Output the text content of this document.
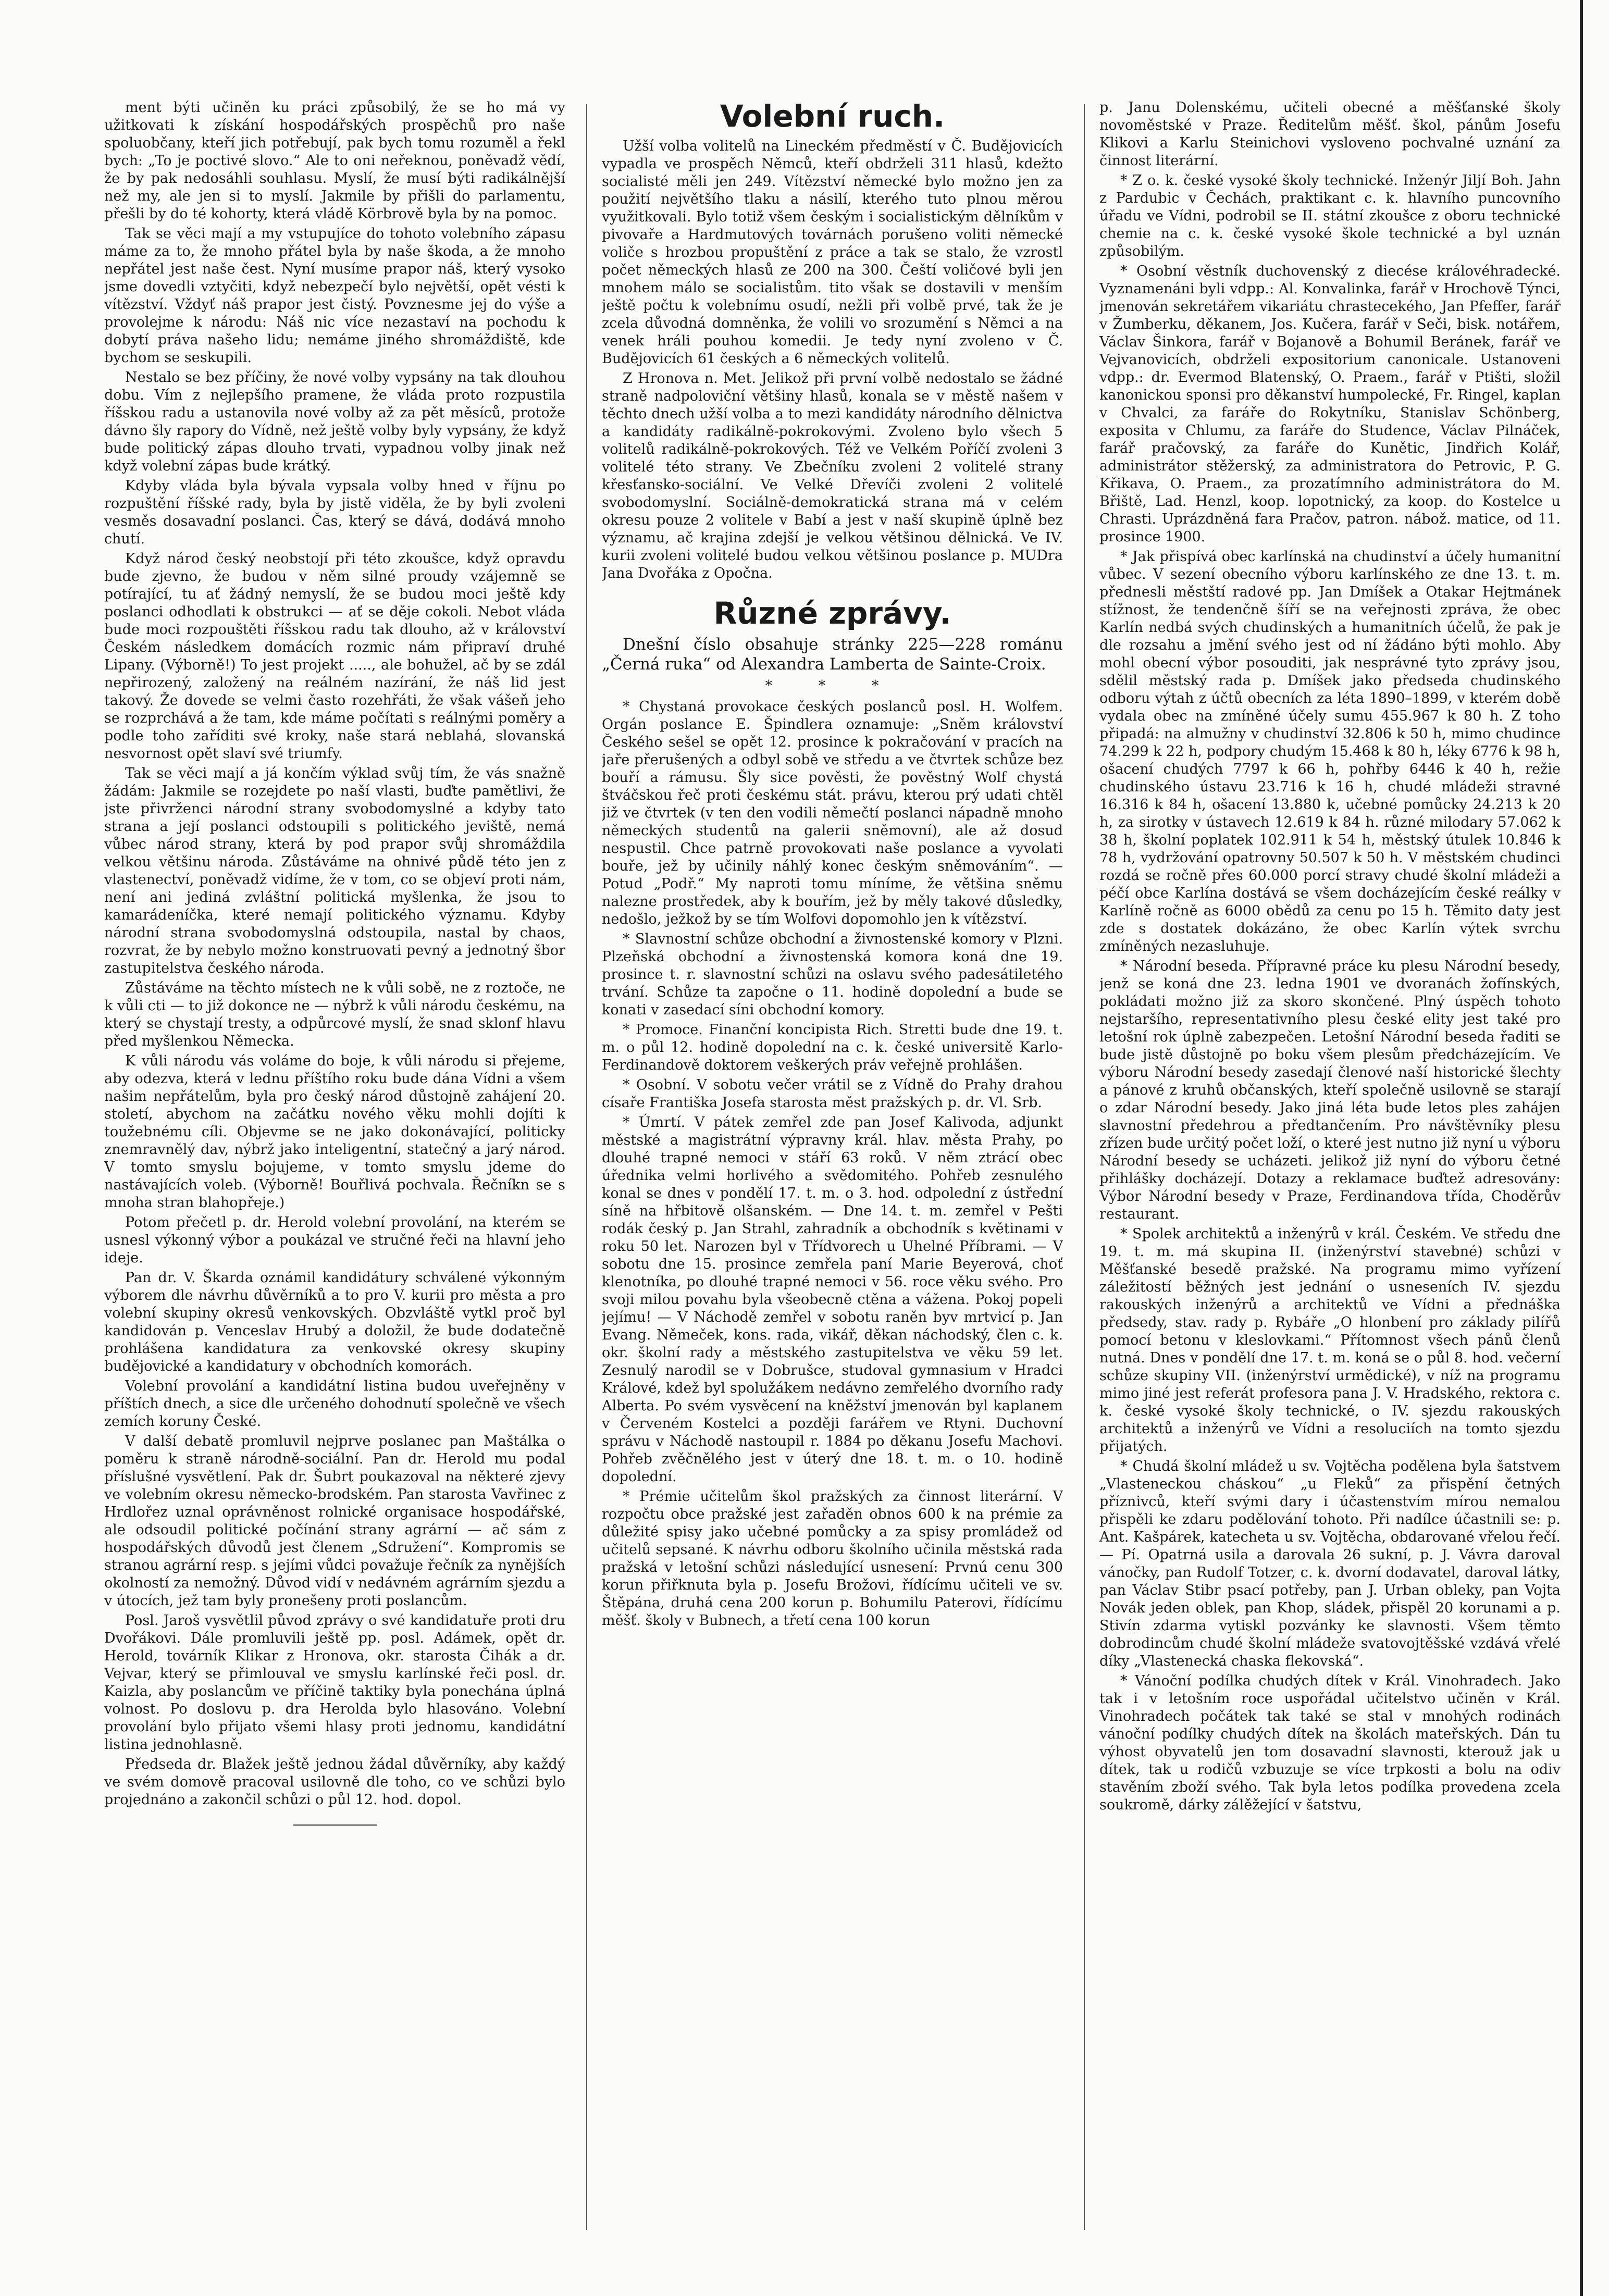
ment býti učiněn ku práci způsobilý, že se ho má vy užitkovati k získání hospodářských prospěchů pro naše spoluobčany, kteří jich potřebují, pak bych tomu rozuměl a řekl bych: „To je poctivé slovo.“ Ale to oni neřeknou, poněvadž vědí, že by pak nedosáhli souhlasu. Myslí, že musí býti radikálnější než my, ale jen si to myslí. Jakmile by přišli do parlamentu, přešli by do té kohorty, která vládě Körbrově byla by na pomoc.

Tak se věci mají a my vstupujíce do tohoto volebního zápasu máme za to, že mnoho přátel byla by naše škoda, a že mnoho nepřátel jest naše čest. Nyní musíme prapor náš, který vysoko jsme dovedli vztyčiti, když nebezpečí bylo největší, opět vésti k vítězství. Vždyť náš prapor jest čistý. Povznesme jej do výše a provolejme k národu: Náš nic více nezastaví na pochodu k dobytí práva našeho lidu; nemáme jiného shromáždiště, kde bychom se seskupili.

Nestalo se bez příčiny, že nové volby vypsány na tak dlouhou dobu. Vím z nejlepšího pramene, že vláda proto rozpustila říšskou radu a ustanovila nové volby až za pět měsíců, protože dávno šly rapory do Vídně, než ještě volby byly vypsány, že když bude politický zápas dlouho trvati, vypadnou volby jinak než když volební zápas bude krátký.

Kdyby vláda byla bývala vypsala volby hned v říjnu po rozpuštění říšské rady, byla by jistě viděla, že by byli zvoleni vesměs dosavadní poslanci. Čas, který se dává, dodává mnoho chutí.

Když národ český neobstojí při této zkoušce, když opravdu bude zjevno, že budou v něm silné proudy vzájemně se potírající, tu ať žádný nemyslí, že se budou moci ještě kdy poslanci odhodlati k obstrukci — ať se děje cokoli. Nebot vláda bude moci rozpouštěti říšskou radu tak dlouho, až v království Českém následkem domácích rozmic nám připraví druhé Lipany. (Výborně!) To jest projekt ....., ale bohužel, ač by se zdál nepřirozený, založený na reálném nazírání, že náš lid jest takový. Že dovede se velmi často rozehřáti, že však vášeň jeho se rozprchává a že tam, kde máme počítati s reálnými poměry a podle toho zaříditi své kroky, naše stará neblahá, slovanská nesvornost opět slaví své triumfy.

Tak se věci mají a já končím výklad svůj tím, že vás snažně žádám: Jakmile se rozejdete po naší vlasti, buďte pamětlivi, že jste přivrženci národní strany svobodomyslné a kdyby tato strana a její poslanci odstoupili s politického jeviště, nemá vůbec národ strany, která by pod prapor svůj shromáždila velkou většinu národa. Zůstáváme na ohnivé půdě této jen z vlastenectví, poněvadž vidíme, že v tom, co se objeví proti nám, není ani jediná zvláštní politická myšlenka, že jsou to kamarádeníčka, které nemají politického významu. Kdyby národní strana svobodomyslná odstoupila, nastal by chaos, rozvrat, že by nebylo možno konstruovati pevný a jednotný šbor zastupitelstva českého národa.

Zůstáváme na těchto místech ne k vůli sobě, ne z roztoče, ne k vůli cti — to již dokonce ne — nýbrž k vůli národu českému, na který se chystají tresty, a odpůrcové myslí, že snad sklonf hlavu před myšlenkou Německa.

K vůli národu vás voláme do boje, k vůli národu si přejeme, aby odezva, která v lednu příštího roku bude dána Vídni a všem našim nepřátelům, byla pro český národ důstojně zahájení 20. století, abychom na začátku nového věku mohli dojíti k toužebnému cíli. Objevme se ne jako dokonávající, politicky znemravnělý dav, nýbrž jako inteligentní, statečný a jarý národ. V tomto smyslu bojujeme, v tomto smyslu jdeme do nastávajících voleb. (Výborně! Bouřlivá pochvala. Řečníkn se s mnoha stran blahopřeje.)

Potom přečetl p. dr. Herold volební provolání, na kterém se usnesl výkonný výbor a poukázal ve stručné řeči na hlavní jeho ideje.

Pan dr. V. Škarda oznámil kandidátury schválené výkonným výborem dle návrhu důvěrníků a to pro V. kurii pro města a pro volební skupiny okresů venkovských. Obzvláště vytkl proč byl kandidován p. Venceslav Hrubý a doložil, že bude dodatečně prohlášena kandidatura za venkovské okresy skupiny budějovické a kandidatury v obchodních komorách.

Volební provolání a kandidátní listina budou uveřejněny v příštích dnech, a sice dle určeného dohodnutí společně ve všech zemích koruny České.

V další debatě promluvil nejprve poslanec pan Maštálka o poměru k straně národně-sociální. Pan dr. Herold mu podal příslušné vysvětlení. Pak dr. Šubrt poukazoval na některé zjevy ve volebním okresu německo-brodském. Pan starosta Vavřinec z Hrdlořez uznal oprávněnost rolnické organisace hospodářské, ale odsoudil politické počínání strany agrární — ač sám z hospodářských důvodů jest členem „Sdružení“. Kompromis se stranou agrární resp. s jejími vůdci považuje řečník za nynějších okolností za nemožný. Důvod vidí v nedávném agrárním sjezdu a v útocích, jež tam byly pronešeny proti poslancům.

Posl. Jaroš vysvětlil původ zprávy o své kandidatuře proti dru Dvořákovi. Dále promluvili ještě pp. posl. Adámek, opět dr. Herold, továrník Klikar z Hronova, okr. starosta Čihák a dr. Vejvar, který se přimlouval ve smyslu karlínské řeči posl. dr. Kaizla, aby poslancům ve příčině taktiky byla ponechána úplná volnost. Po doslovu p. dra Herolda bylo hlasováno. Volební provolání bylo přijato všemi hlasy proti jednomu, kandidátní listina jednohlasně.

Předseda dr. Blažek ještě jednou žádal důvěrníky, aby každý ve svém domově pracoval usilovně dle toho, co ve schůzi bylo projednáno a zakončil schůzi o půl 12. hod. dopol.

Volební ruch.

Užší volba volitelů na Lineckém předměstí v Č. Budějovicích vypadla ve prospěch Němců, kteří obdrželi 311 hlasů, kdežto socialisté měli jen 249. Vítězství německé bylo možno jen za použití největšího tlaku a násilí, kterého tuto plnou měrou využitkovali. Bylo totiž všem českým i socialistickým dělníkům v pivovaře a Hardmutových továrnách porušeno voliti německé voliče s hrozbou propuštění z práce a tak se stalo, že vzrostl počet německých hlasů ze 200 na 300. Čeští voličové byli jen mnohem málo se socialistům. tito však se dostavili v menším ještě počtu k volebnímu osudí, nežli při volbě prvé, tak že je zcela důvodná domněnka, že volili vo srozumění s Němci a na venek hráli pouhou komedii. Je tedy nyní zvoleno v Č. Budějovicích 61 českých a 6 německých volitelů.

Z Hronova n. Met. Jelikož při první volbě nedostalo se žádné straně nadpoloviční většiny hlasů, konala se v městě našem v těchto dnech užší volba a to mezi kandidáty národního dělnictva a kandidáty radikálně-pokrokovými. Zvoleno bylo všech 5 volitelů radikálně-pokrokových. Též ve Velkém Poříčí zvoleni 3 volitelé této strany. Ve Zbečníku zvoleni 2 volitelé strany křesťansko-sociální. Ve Velké Dřevíči zvoleni 2 volitelé svobodomyslní. Sociálně-demokratická strana má v celém okresu pouze 2 volitele v Babí a jest v naší skupině úplně bez významu, ač krajina zdejší je velkou většinou dělnická. Ve IV. kurii zvoleni volitelé budou velkou většinou poslance p. MUDra Jana Dvořáka z Opočna.

Různé zprávy.

Dnešní číslo obsahuje stránky 225—228 románu „Černá ruka“ od Alexandra Lamberta de Sainte-Croix.

* * *

* Chystaná provokace českých poslanců posl. H. Wolfem. Orgán poslance E. Špindlera oznamuje: „Sněm království Českého sešel se opět 12. prosince k pokračování v pracích na jaře přerušených a odbyl sobě ve středu a ve čtvrtek schůze bez bouří a rámusu. Šly sice pověsti, že pověstný Wolf chystá štváčskou řeč proti českému stát. právu, kterou prý udati chtěl již ve čtvrtek (v ten den vodili němečtí poslanci nápadně mnoho německých studentů na galerii sněmovní), ale až dosud nespustil. Chce patrně provokovati naše poslance a vyvolati bouře, jež by učinily náhlý konec českým sněmováním“. — Potud „Podř.“ My naproti tomu míníme, že většina sněmu nalezne prostředek, aby k bouřím, jež by měly takové důsledky, nedošlo, ježkož by se tím Wolfovi dopomohlo jen k vítězství.

* Slavnostní schůze obchodní a živnostenské komory v Plzni. Plzeňská obchodní a živnostenská komora koná dne 19. prosince t. r. slavnostní schůzi na oslavu svého padesátiletého trvání. Schůze ta započne o 11. hodině dopolední a bude se konati v zasedací síni obchodní komory.

* Promoce. Finanční koncipista Rich. Stretti bude dne 19. t. m. o půl 12. hodině dopolední na c. k. české universitě Karlo-Ferdinandově doktorem veškerých práv veřejně prohlášen.

* Osobní. V sobotu večer vrátil se z Vídně do Prahy drahou císaře Františka Josefa starosta měst pražských p. dr. Vl. Srb.

* Úmrtí. V pátek zemřel zde pan Josef Kalivoda, adjunkt městské a magistrátní výpravny král. hlav. města Prahy, po dlouhé trapné nemoci v stáří 63 roků. V něm ztrácí obec úřednika velmi horlivého a svědomitého. Pohřeb zesnulého konal se dnes v pondělí 17. t. m. o 3. hod. odpolední z ústřední síně na hřbitově olšanském. — Dne 14. t. m. zemřel v Pešti rodák český p. Jan Strahl, zahradník a obchodník s květinami v roku 50 let. Narozen byl v Třídvorech u Uhelné Příbrami. — V sobotu dne 15. prosince zemřela paní Marie Beyerová, choť klenotníka, po dlouhé trapné nemoci v 56. roce věku svého. Pro svoji milou povahu byla všeobecně ctěna a vážena. Pokoj popeli jejímu! — V Náchodě zemřel v sobotu raněn byv mrtvicí p. Jan Evang. Němeček, kons. rada, vikář, děkan náchodský, člen c. k. okr. školní rady a městského zastupitelstva ve věku 59 let. Zesnulý narodil se v Dobrušce, studoval gymnasium v Hradci Králové, kdež byl spolužákem nedávno zemřelého dvorního rady Alberta. Po svém vysvěcení na kněžství jmenován byl kaplanem v Červeném Kostelci a později farářem ve Rtyni. Duchovní správu v Náchodě nastoupil r. 1884 po děkanu Josefu Machovi. Pohřeb zvěčnělého jest v úterý dne 18. t. m. o 10. hodině dopolední.

* Prémie učitelům škol pražských za činnost literární. V rozpočtu obce pražské jest zařaděn obnos 600 k na prémie za důležité spisy jako učebné pomůcky a za spisy promládež od učitelů sepsané. K návrhu odboru školního učinila městská rada pražská v letošní schůzi následující usnesení: Prvnú cenu 300 korun přiřknuta byla p. Josefu Brožovi, řídícímu učiteli ve sv. Štěpána, druhá cena 200 korun p. Bohumilu Paterovi, řídícímu měšť. školy v Bubnech, a třetí cena 100 korun

p. Janu Dolenskému, učiteli obecné a měšťanské školy novoměstské v Praze. Ředitelům měšť. škol, pánům Josefu Klikovi a Karlu Steinichovi vysloveno pochvalné uznání za činnost literární.

* Z o. k. české vysoké školy technické. Inženýr Jiljí Boh. Jahn z Pardubic v Čechách, praktikant c. k. hlavního puncovního úřadu ve Vídni, podrobil se II. státní zkoušce z oboru technické chemie na c. k. české vysoké škole technické a byl uznán způsobilým.

* Osobní věstník duchovenský z diecése královéhradecké. Vyznamenáni byli vdpp.: Al. Konvalinka, farář v Hrochově Týnci, jmenován sekretářem vikariátu chrastecekého, Jan Pfeffer, farář v Žumberku, děkanem, Jos. Kučera, farář v Seči, bisk. notářem, Václav Šinkora, farář v Bojanově a Bohumil Beránek, farář ve Vejvanovicích, obdrželi expositorium canonicale. Ustanoveni vdpp.: dr. Evermod Blatenský, O. Praem., farář v Ptišti, složil kanonickou sponsi pro děkanství humpolecké, Fr. Ringel, kaplan v Chvalci, za faráře do Rokytníku, Stanislav Schönberg, exposita v Chlumu, za faráře do Studence, Václav Pilnáček, farář pračovský, za faráře do Kunětic, Jindřich Kolář, administrátor stěžerský, za administratora do Petrovic, P. G. Křikava, O. Praem., za prozatímního administrátora do M. Břiště, Lad. Henzl, koop. lopotnický, za koop. do Kostelce u Chrasti. Uprázdněná fara Pračov, patron. nábož. matice, od 11. prosince 1900.

* Jak přispívá obec karlínská na chudinství a účely humanitní vůbec. V sezení obecního výboru karlínského ze dne 13. t. m. přednesli městští radové pp. Jan Dmíšek a Otakar Hejtmánek stížnost, že tendenčně šíří se na veřejnosti zpráva, že obec Karlín nedbá svých chudinských a humanitních účelů, že pak je dle rozsahu a jmění svého jest od ní žádáno býti mohlo. Aby mohl obecní výbor posouditi, jak nesprávné tyto zprávy jsou, sdělil městský rada p. Dmíšek jako předseda chudinského odboru výtah z účtů obecních za léta 1890–1899, v kterém době vydala obec na zmíněné účely sumu 455.967 k 80 h. Z toho připadá: na almužny v chudinství 32.806 k 50 h, mimo chudince 74.299 k 22 h, podpory chudým 15.468 k 80 h, léky 6776 k 98 h, ošacení chudých 7797 k 66 h, pohřby 6446 k 40 h, režie chudinského ústavu 23.716 k 16 h, chudé mládeži stravné 16.316 k 84 h, ošacení 13.880 k, učebné pomůcky 24.213 k 20 h, za sirotky v ústavech 12.619 k 84 h. různé milodary 57.062 k 38 h, školní poplatek 102.911 k 54 h, městský útulek 10.846 k 78 h, vydržování opatrovny 50.507 k 50 h. V městském chudinci rozdá se ročně přes 60.000 porcí stravy chudé školní mládeži a péčí obce Karlína dostává se všem docházejícím české reálky v Karlíně ročně as 6000 obědů za cenu po 15 h. Těmito daty jest zde s dostatek dokázáno, že obec Karlín výtek svrchu zmíněných nezasluhuje.

* Národní beseda. Přípravné práce ku plesu Národní besedy, jenž se koná dne 23. ledna 1901 ve dvoranách žofínských, pokládati možno již za skoro skončené. Plný úspěch tohoto nejstaršího, representativního plesu české elity jest také pro letošní rok úplně zabezpečen. Letošní Národní beseda řaditi se bude jistě důstojně po boku všem plesům předcházejícím. Ve výboru Národní besedy zasedají členové naší historické šlechty a pánové z kruhů občanských, kteří společně usilovně se starají o zdar Národní besedy. Jako jiná léta bude letos ples zahájen slavnostní předehrou a předtančením. Pro návštěvníky plesu zřízen bude určitý počet loží, o které jest nutno již nyní u výboru Národní besedy se ucházeti. jelikož již nyní do výboru četné přihlášky docházejí. Dotazy a reklamace buďtež adresovány: Výbor Národní besedy v Praze, Ferdinandova třída, Choděrův restaurant.

* Spolek architektů a inženýrů v král. Českém. Ve středu dne 19. t. m. má skupina II. (inženýrství stavebné) schůzi v Měšťanské besedě pražské. Na programu mimo vyřízení záležitostí běžných jest jednání o usneseních IV. sjezdu rakouských inženýrů a architektů ve Vídni a přednáška předsedy, stav. rady p. Rybáře „O hlonbení pro základy pilířů pomocí betonu v kleslovkami.“ Přítomnost všech pánů členů nutná. Dnes v pondělí dne 17. t. m. koná se o půl 8. hod. večerní schůze skupiny VII. (inženýrství urmědické), v níž na programu mimo jiné jest referát profesora pana J. V. Hradského, rektora c. k. české vysoké školy technické, o IV. sjezdu rakouských architektů a inženýrů ve Vídni a resoluciích na tomto sjezdu přijatých.

* Chudá školní mládež u sv. Vojtěcha podělena byla šatstvem „Vlasteneckou cháskou“ „u Fleků“ za přispění četných příznivců, kteří svými dary i účastenstvím mírou nemalou přispěli ke zdaru podělování tohoto. Při nadílce účastnili se: p. Ant. Kašpárek, katecheta u sv. Vojtěcha, obdarované vřelou řečí. — Pí. Opatrná usila a darovala 26 sukní, p. J. Vávra daroval vánočky, pan Rudolf Totzer, c. k. dvorní dodavatel, daroval látky, pan Václav Stibr psací potřeby, pan J. Urban obleky, pan Vojta Novák jeden oblek, pan Khop, sládek, přispěl 20 korunami a p. Stivín zdarma vytiskl pozvánky ke slavnosti. Všem těmto dobrodincům chudé školní mládeže svatovojtěšské vzdává vřelé díky „Vlastenecká chaska flekovská“.

* Vánoční podílka chudých dítek v Král. Vinohradech. Jako tak i v letošním roce uspořádal učitelstvo učiněn v Král. Vinohradech počátek tak také se stal v mnohých rodinách vánoční podílky chudých dítek na školách mateřských. Dán tu výhost obyvatelů jen tom dosavadní slavnosti, kterouž jak u dítek, tak u rodičů vzbuzuje se více trpkosti a bolu na odiv stavěním zboží svého. Tak byla letos podílka provedena zcela soukromě, dárky zálěžející v šatstvu,
